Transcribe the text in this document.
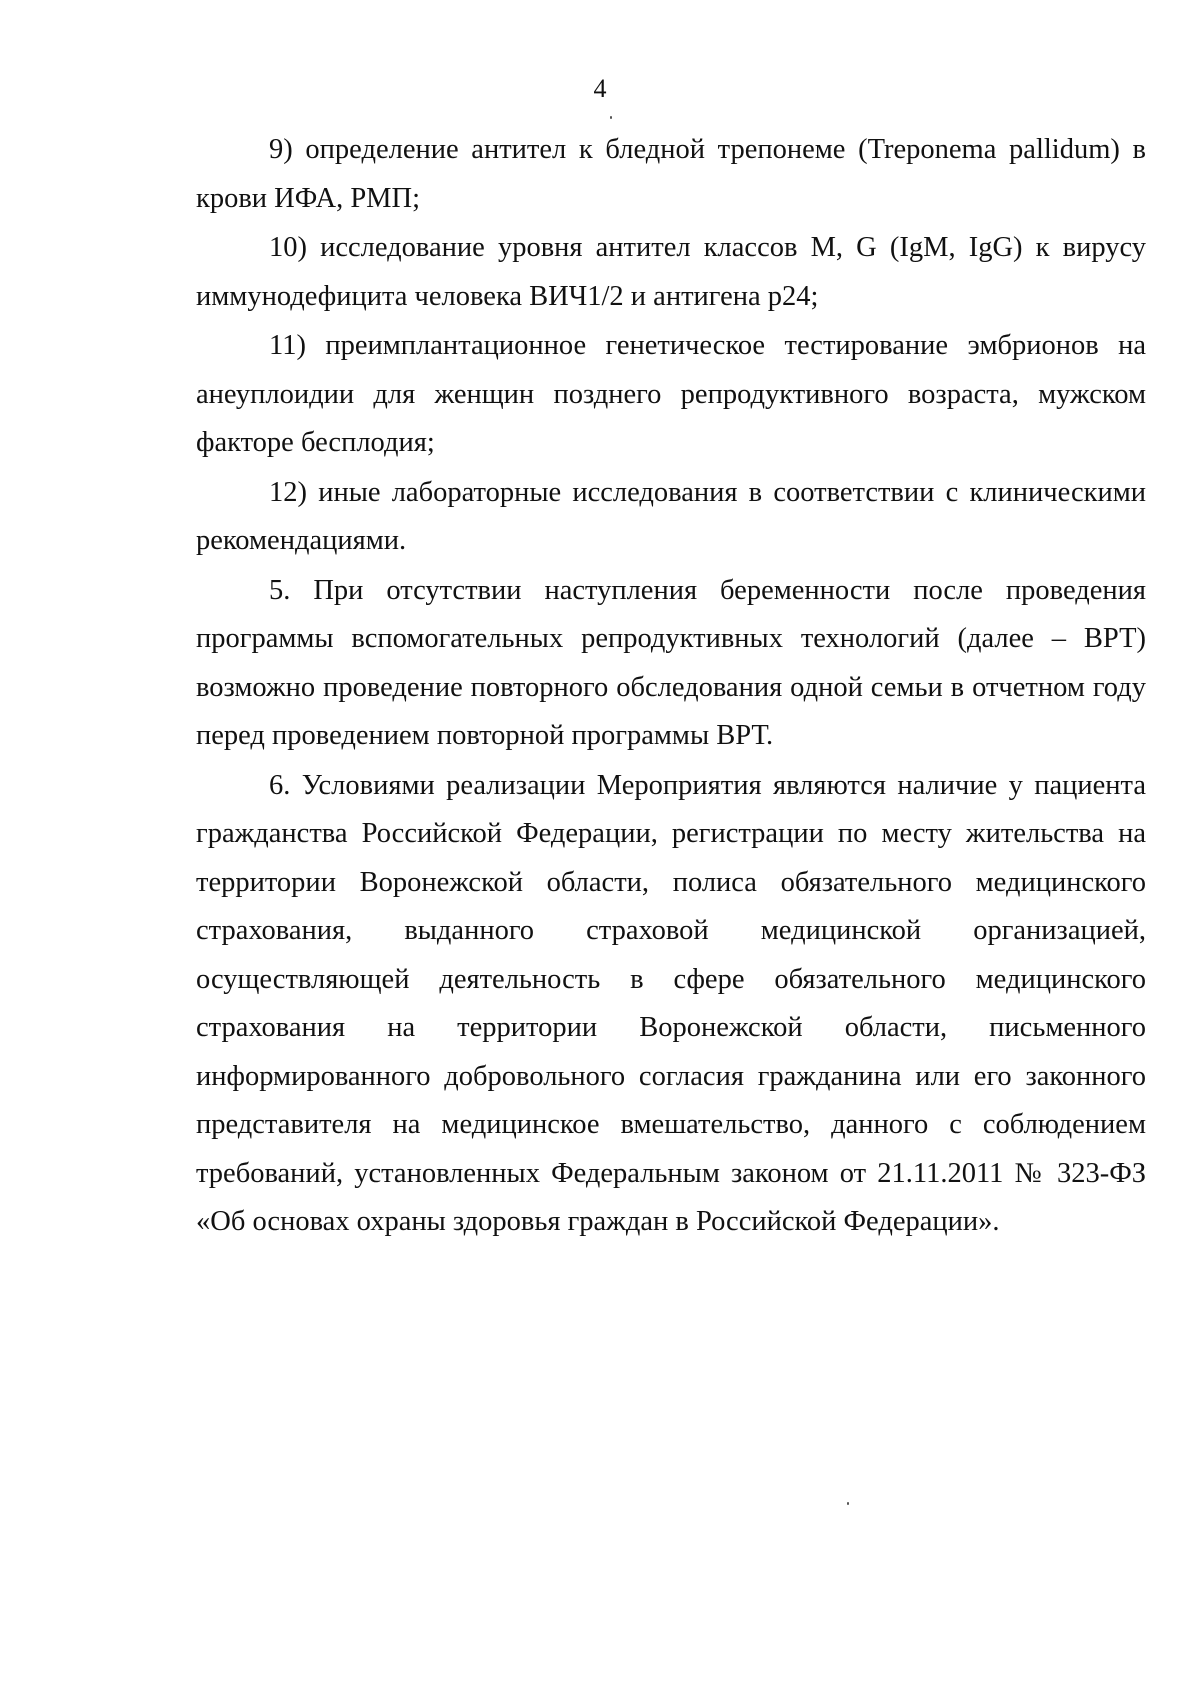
4

9) определение антител к бледной трепонеме (Treponema pallidum) в крови ИФА, РМП;

10) исследование уровня антител классов M, G (IgM, IgG) к вирусу иммунодефицита человека ВИЧ1/2 и антигена р24;

11) преимплантационное генетическое тестирование эмбрионов на анеуплоидии для женщин позднего репродуктивного возраста, мужском факторе бесплодия;

12) иные лабораторные исследования в соответствии с клиническими рекомендациями.

5. При отсутствии наступления беременности после проведения программы вспомогательных репродуктивных технологий (далее – ВРТ) возможно проведение повторного обследования одной семьи в отчетном году перед проведением повторной программы ВРТ.

6. Условиями реализации Мероприятия являются наличие у пациента гражданства Российской Федерации, регистрации по месту жительства на территории Воронежской области, полиса обязательного медицинского страхования, выданного страховой медицинской организацией, осуществляющей деятельность в сфере обязательного медицинского страхования на территории Воронежской области, письменного информированного добровольного согласия гражданина или его законного представителя на медицинское вмешательство, данного с соблюдением требований, установленных Федеральным законом от 21.11.2011 № 323-ФЗ «Об основах охраны здоровья граждан в Российской Федерации».
